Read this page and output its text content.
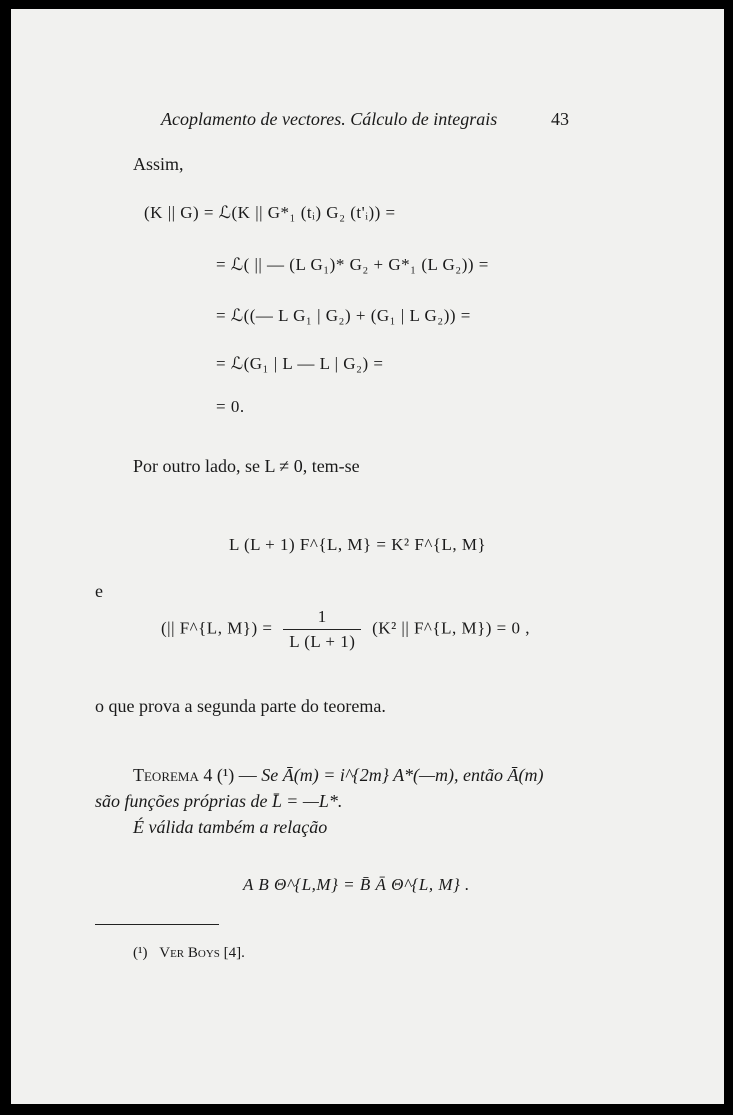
Acoplamento de vectores. Cálculo de integrais	43
Assim,
(K || G) = ℒ(K || G*₁ (tᵢ) G₂ (t'ᵢ)) =
= ℒ( || — (L G₁)* G₂ + G*₁ (L G₂)) =
= ℒ((— L G₁ | G₂) + (G₁ | L G₂)) =
= ℒ(G₁ | L — L | G₂) =
= 0.
Por outro lado, se L ≠ 0, tem-se
L (L + 1) F^{L, M} = K² F^{L, M}
e
(|| F^{L, $M\}) = \frac{1}{L (L + 1)} (K^2$ || F^{L, M}) = 0 ,
o que prova a segunda parte do teorema.
Teorema 4 (¹) — Se Ā(m) = i^{2m} A*(—m), então Ā(m)
são funções próprias de L̄ = —L*.
É válida também a relação
A B Θ^{L,M} = B̄ Ā Θ^{L, M} .
(¹) Ver Boys [4].
